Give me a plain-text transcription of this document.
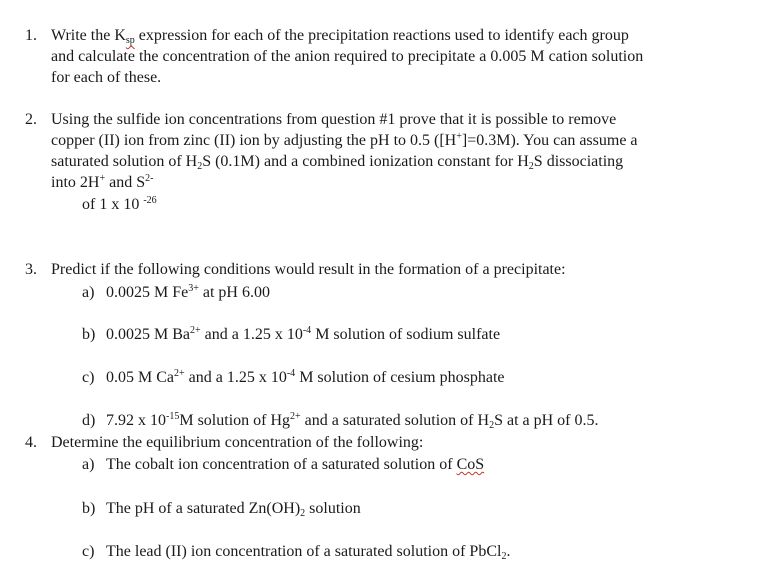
1. Write the $K_{sp}$ expression for each of the precipitation reactions used to identify each group
and calculate the concentration of the anion required to precipitate a 0.005 M cation solution
for each of these.
2. Using the sulfide ion concentrations from question #1 prove that it is possible to remove
copper (II) ion from zinc (II) ion by adjusting the pH to 0.5 ([H+]=0.3M). You can assume a
saturated solution of $H_2S$ (0.1M) and a combined ionization constant for $H_2S$ dissociating
into 2H+ and $S^{2-}$
of 1 x 10 $^{-26}$
3. Predict if the following conditions would result in the formation of a precipitate:
a) 0.0025 M $Fe^{3+}$ at pH 6.00
b) 0.0025 M $Ba^{2+}$ and a 1.25 x $10^{-4}$ M solution of sodium sulfate
c) 0.05 M $Ca^{2+}$ and a 1.25 x $10^{-4}$ M solution of cesium phosphate
d) 7.92 x $10^{-15}M$ solution of $Hg^{2+}$ and a saturated solution of $H_2S$ at a pH of 0.5.
4. Determine the equilibrium concentration of the following:
a) The cobalt ion concentration of a saturated solution of CoS
b) The pH of a saturated $Zn(OH)_2$ solution
c) The lead (II) ion concentration of a saturated solution of PbCl$_2$.
